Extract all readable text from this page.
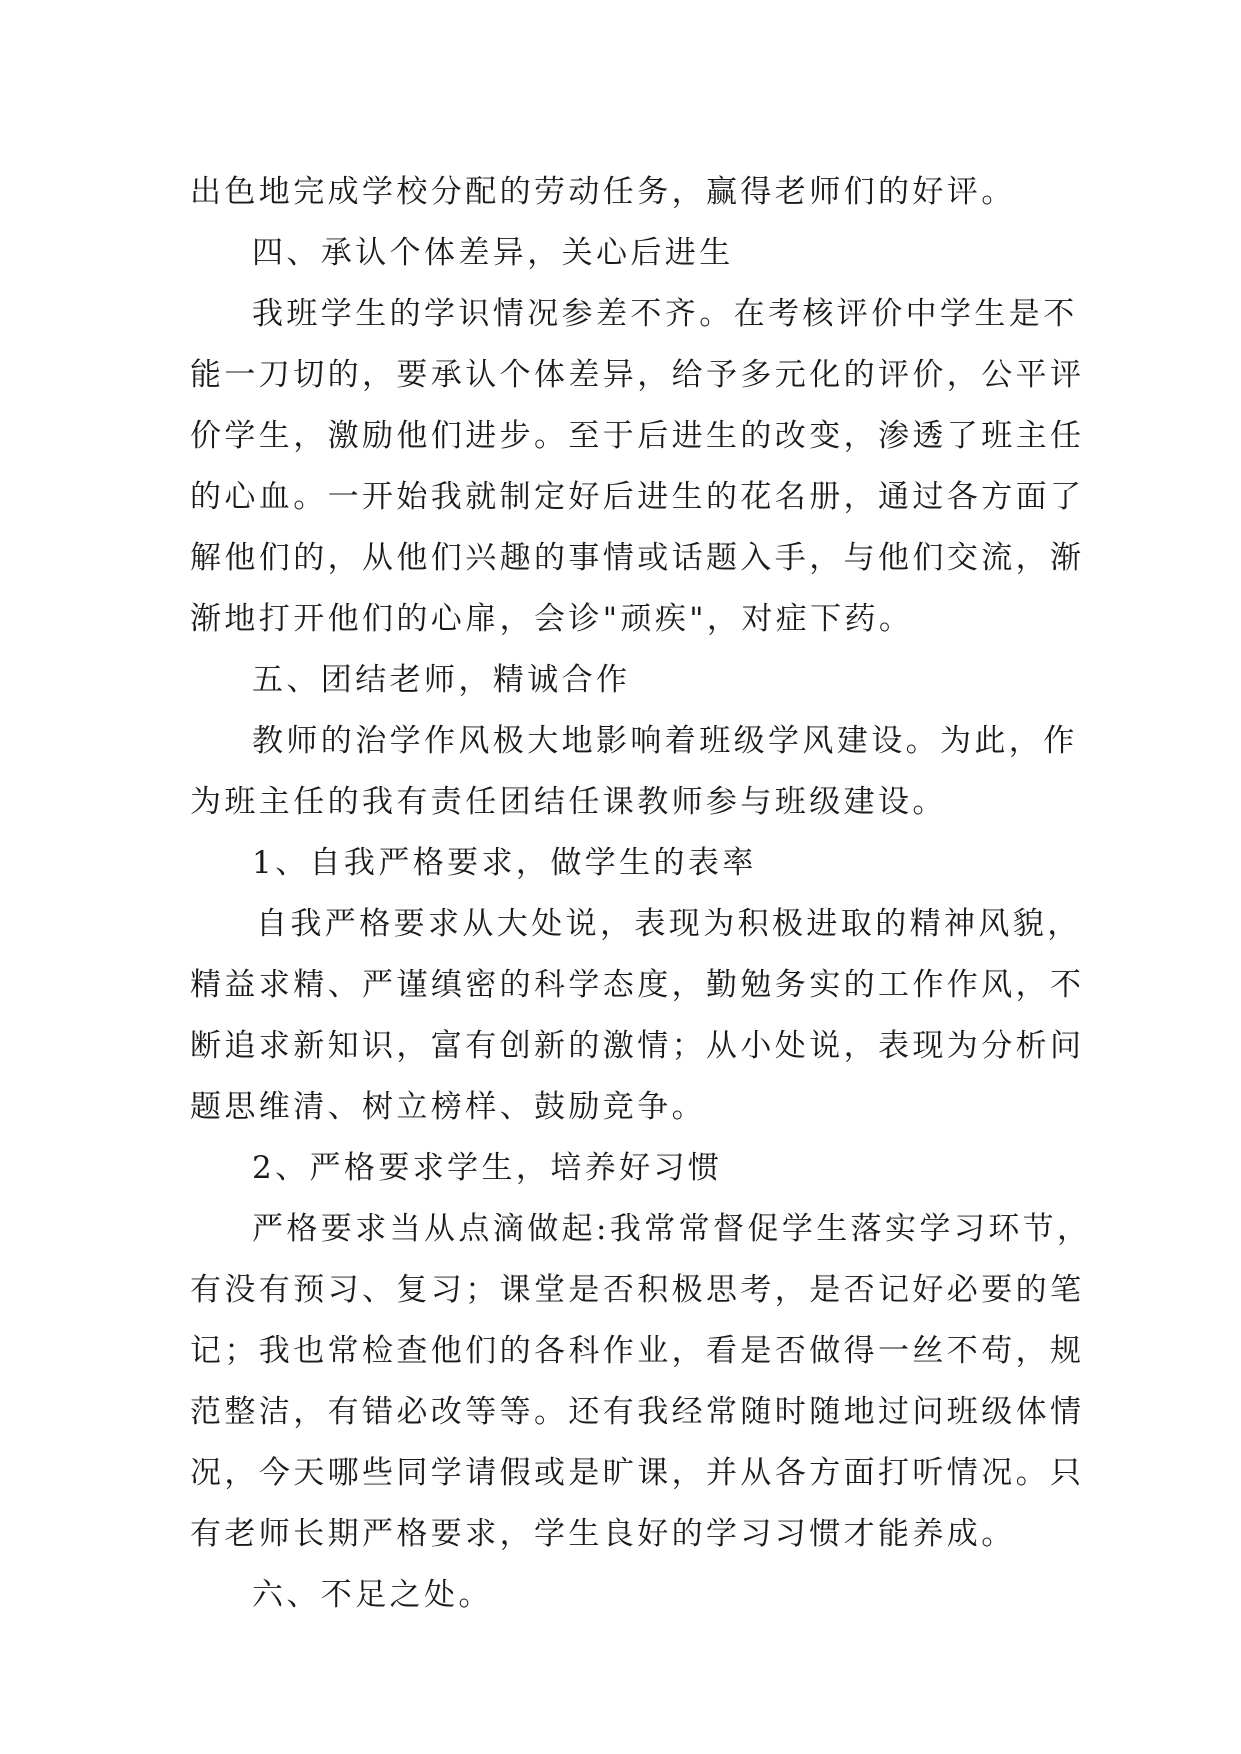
出色地完成学校分配的劳动任务，赢得老师们的好评。
四、承认个体差异，关心后进生
我班学生的学识情况参差不齐。在考核评价中学生是不
能一刀切的，要承认个体差异，给予多元化的评价，公平评
价学生，激励他们进步。至于后进生的改变，渗透了班主任
的心血。一开始我就制定好后进生的花名册，通过各方面了
解他们的，从他们兴趣的事情或话题入手，与他们交流，渐
渐地打开他们的心扉，会诊"顽疾"，对症下药。
五、团结老师，精诚合作
教师的治学作风极大地影响着班级学风建设。为此，作
为班主任的我有责任团结任课教师参与班级建设。
1、自我严格要求，做学生的表率
自我严格要求从大处说，表现为积极进取的精神风貌，
精益求精、严谨缜密的科学态度，勤勉务实的工作作风，不
断追求新知识，富有创新的激情；从小处说，表现为分析问
题思维清、树立榜样、鼓励竞争。
2、严格要求学生，培养好习惯
严格要求当从点滴做起:我常常督促学生落实学习环节，
有没有预习、复习；课堂是否积极思考，是否记好必要的笔
记；我也常检查他们的各科作业，看是否做得一丝不苟，规
范整洁，有错必改等等。还有我经常随时随地过问班级体情
况，今天哪些同学请假或是旷课，并从各方面打听情况。只
有老师长期严格要求，学生良好的学习习惯才能养成。
六、不足之处。
